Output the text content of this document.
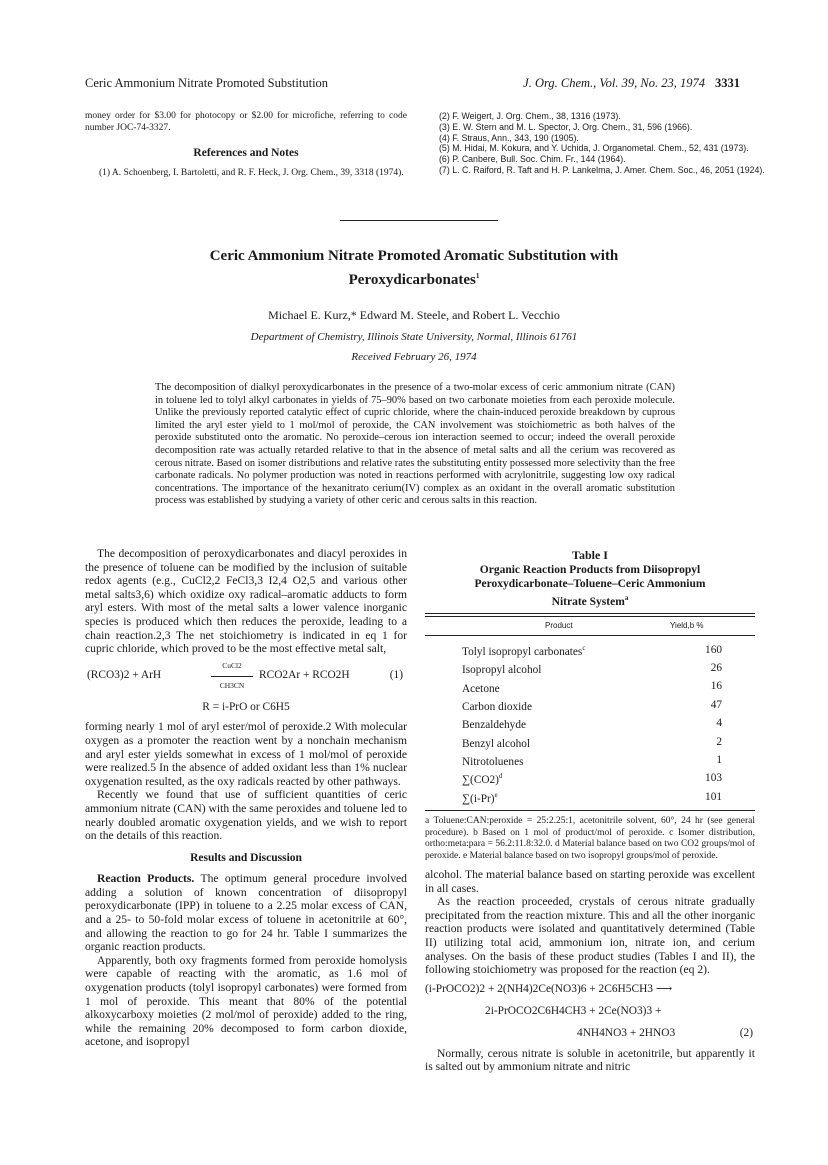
Ceric Ammonium Nitrate Promoted Substitution	J. Org. Chem., Vol. 39, No. 23, 1974 3331
money order for $3.00 for photocopy or $2.00 for microfiche, referring to code number JOC-74-3327.
References and Notes
(1) A. Schoenberg, I. Bartoletti, and R. F. Heck, J. Org. Chem., 39, 3318 (1974).
(2) F. Weigert, J. Org. Chem., 38, 1316 (1973).
(3) E. W. Stern and M. L. Spector, J. Org. Chem., 31, 596 (1966).
(4) F. Straus, Ann., 343, 190 (1905).
(5) M. Hidai, M. Kokura, and Y. Uchida, J. Organometal. Chem., 52, 431 (1973).
(6) P. Canbere, Bull. Soc. Chim. Fr., 144 (1964).
(7) L. C. Raiford, R. Taft and H. P. Lankelma, J. Amer. Chem. Soc., 46, 2051 (1924).
Ceric Ammonium Nitrate Promoted Aromatic Substitution with
Peroxydicarbonates$^1$
Michael E. Kurz,* Edward M. Steele, and Robert L. Vecchio
Department of Chemistry, Illinois State University, Normal, Illinois 61761
Received February 26, 1974
The decomposition of dialkyl peroxydicarbonates in the presence of a two-molar excess of ceric ammonium nitrate (CAN) in toluene led to tolyl alkyl carbonates in yields of 75–90% based on two carbonate moieties from each peroxide molecule. Unlike the previously reported catalytic effect of cupric chloride, where the chain-induced peroxide breakdown by cuprous limited the aryl ester yield to 1 mol/mol of peroxide, the CAN involvement was stoichiometric as both halves of the peroxide substituted onto the aromatic. No peroxide–cerous ion interaction seemed to occur; indeed the overall peroxide decomposition rate was actually retarded relative to that in the absence of metal salts and all the cerium was recovered as cerous nitrate. Based on isomer distributions and relative rates the substituting entity possessed more selectivity than the free carbonate radicals. No polymer production was noted in reactions performed with acrylonitrile, suggesting low oxy radical concentrations. The importance of the hexanitrato cerium(IV) complex as an oxidant in the overall aromatic substitution process was established by studying a variety of other ceric and cerous salts in this reaction.

The decomposition of peroxydicarbonates and diacyl peroxides in the presence of toluene can be modified by the inclusion of suitable redox agents (e.g., CuCl2,2 FeCl3,3 I2,4 O2,5 and various other metal salts3,6) which oxidize oxy radical–aromatic adducts to form aryl esters. With most of the metal salts a lower valence inorganic species is produced which then reduces the peroxide, leading to a chain reaction.2,3 The net stoichiometry is indicated in eq 1 for cupric chloride, which proved to be the most effective metal salt,

(RCO3)2 + ArH
CuCl2
CH3CN
RCO2Ar + RCO2H	(1)
R = i-PrO or C6H5

forming nearly 1 mol of aryl ester/mol of peroxide.2 With molecular oxygen as a promoter the reaction went by a nonchain mechanism and aryl ester yields somewhat in excess of 1 mol/mol of peroxide were realized.5 In the absence of added oxidant less than 1% nuclear oxygenation resulted, as the oxy radicals reacted by other pathways.

Recently we found that use of sufficient quantities of ceric ammonium nitrate (CAN) with the same peroxides and toluene led to nearly doubled aromatic oxygenation yields, and we wish to report on the details of this reaction.

Results and Discussion

Reaction Products. The optimum general procedure involved adding a solution of known concentration of diisopropyl peroxydicarbonate (IPP) in toluene to a 2.25 molar excess of CAN, and a 25- to 50-fold molar excess of toluene in acetonitrile at 60°, and allowing the reaction to go for 24 hr. Table I summarizes the organic reaction products.

Apparently, both oxy fragments formed from peroxide homolysis were capable of reacting with the aromatic, as 1.6 mol of oxygenation products (tolyl isopropyl carbonates) were formed from 1 mol of peroxide. This meant that 80% of the potential alkoxycarboxy moieties (2 mol/mol of peroxide) added to the ring, while the remaining 20% decomposed to form carbon dioxide, acetone, and isopropyl

Table I
Organic Reaction Products from Diisopropyl
Peroxydicarbonate–Toluene–Ceric Ammonium
Nitrate System$^a$
Product	Yield,b %
Tolyl isopropyl carbonates$^c$	160
Isopropyl alcohol	26
Acetone	16
Carbon dioxide	47
Benzaldehyde	4
Benzyl alcohol	2
Nitrotoluenes	1
$\sum(CO2)^d$	103
$\sum(i-Pr)^e$	101
a Toluene:CAN:peroxide = 25:2.25:1, acetonitrile solvent, 60°, 24 hr (see general procedure). b Based on 1 mol of product/mol of peroxide. c Isomer distribution, ortho:meta:para = 56.2:11.8:32.0. d Material balance based on two CO2 groups/mol of peroxide. e Material balance based on two isopropyl groups/mol of peroxide.

alcohol. The material balance based on starting peroxide was excellent in all cases.

As the reaction proceeded, crystals of cerous nitrate gradually precipitated from the reaction mixture. This and all the other inorganic reaction products were isolated and quantitatively determined (Table II) utilizing total acid, ammonium ion, nitrate ion, and cerium analyses. On the basis of these product studies (Tables I and II), the following stoichiometry was proposed for the reaction (eq 2).

(i-PrOCO2)2 + 2(NH4)2Ce(NO3)6 + 2C6H5CH3 ⟶
2i-PrOCO2C6H4CH3 + 2Ce(NO3)3 +
4NH4NO3 + 2HNO3	(2)

Normally, cerous nitrate is soluble in acetonitrile, but apparently it is salted out by ammonium nitrate and nitric
